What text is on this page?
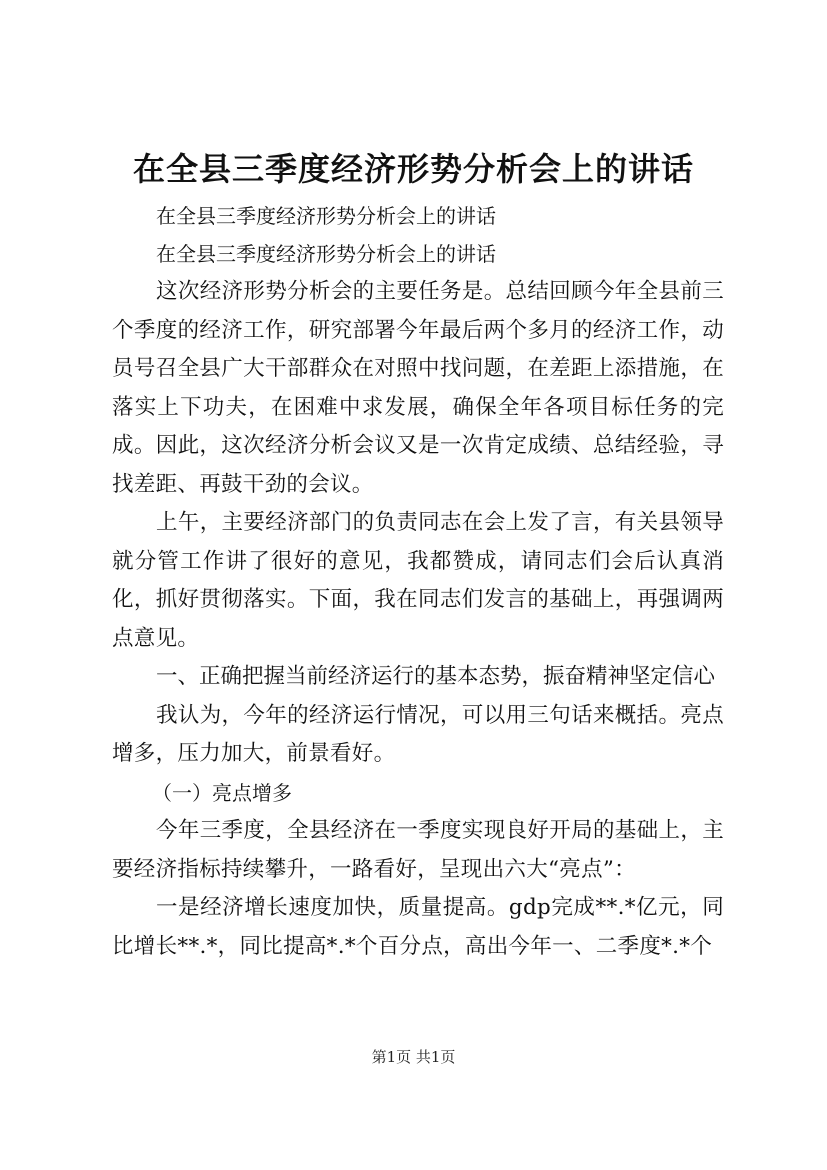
在全县三季度经济形势分析会上的讲话

在全县三季度经济形势分析会上的讲话

在全县三季度经济形势分析会上的讲话

这次经济形势分析会的主要任务是。总结回顾今年全县前三个季度的经济工作，研究部署今年最后两个多月的经济工作，动员号召全县广大干部群众在对照中找问题，在差距上添措施，在落实上下功夫，在困难中求发展，确保全年各项目标任务的完成。因此，这次经济分析会议又是一次肯定成绩、总结经验，寻找差距、再鼓干劲的会议。

上午，主要经济部门的负责同志在会上发了言，有关县领导就分管工作讲了很好的意见，我都赞成，请同志们会后认真消化，抓好贯彻落实。下面，我在同志们发言的基础上，再强调两点意见。

一、正确把握当前经济运行的基本态势，振奋精神坚定信心

我认为，今年的经济运行情况，可以用三句话来概括。亮点增多，压力加大，前景看好。

（一）亮点增多

今年三季度，全县经济在一季度实现良好开局的基础上，主要经济指标持续攀升，一路看好，呈现出六大“亮点”：

一是经济增长速度加快，质量提高。gdp完成**.*亿元，同比增长**.*，同比提高*.*个百分点，高出今年一、二季度*.*个

第1页 共1页
